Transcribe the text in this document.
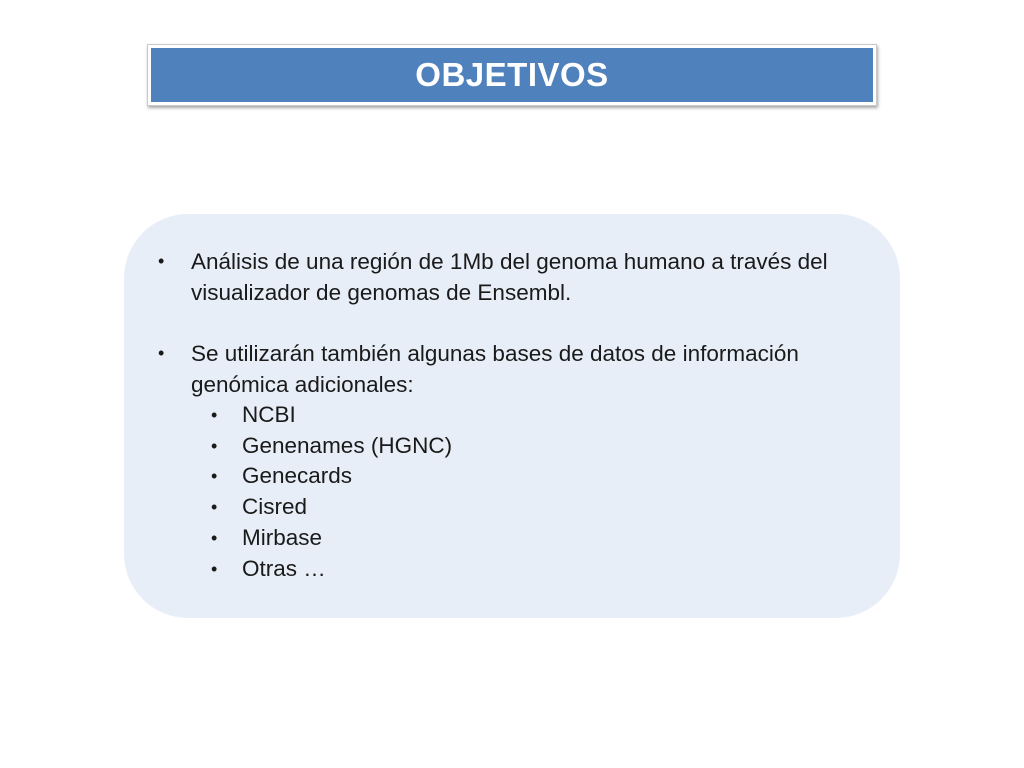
OBJETIVOS
• Análisis de una región de 1Mb del genoma humano a través del visualizador de genomas de Ensembl.
• Se utilizarán también algunas bases de datos de información genómica adicionales:
• NCBI
• Genenames (HGNC)
• Genecards
• Cisred
• Mirbase
• Otras …
